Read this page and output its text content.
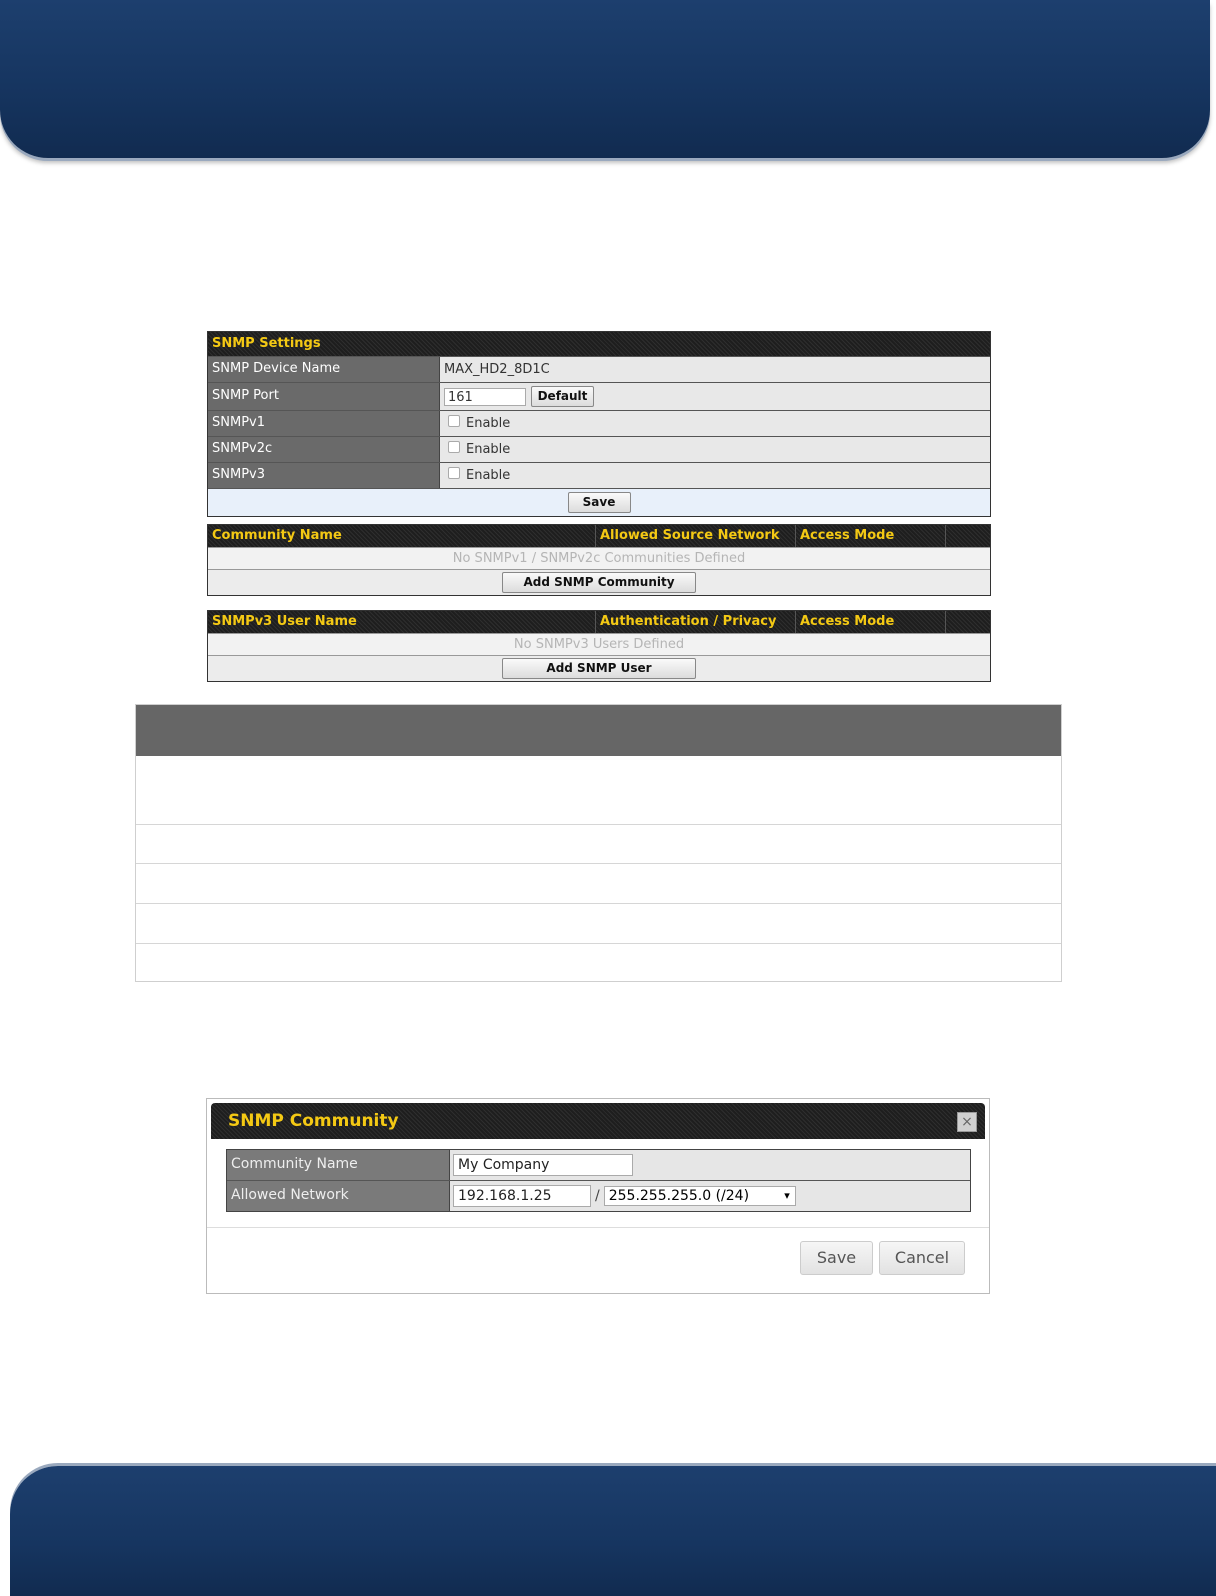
SNMP Settings
SNMP Device Name	MAX_HD2_8D1C
SNMP Port	161	Default
SNMPv1	Enable
SNMPv2c	Enable
SNMPv3	Enable
Save
Community Name	Allowed Source Network	Access Mode
No SNMPv1 / SNMPv2c Communities Defined
Add SNMP Community
SNMPv3 User Name	Authentication / Privacy	Access Mode
No SNMPv3 Users Defined
Add SNMP User
SNMP Community	×
Community Name	My Company
Allowed Network	192.168.1.25	/ 255.255.255.0 (/24)	▾
Save	Cancel
